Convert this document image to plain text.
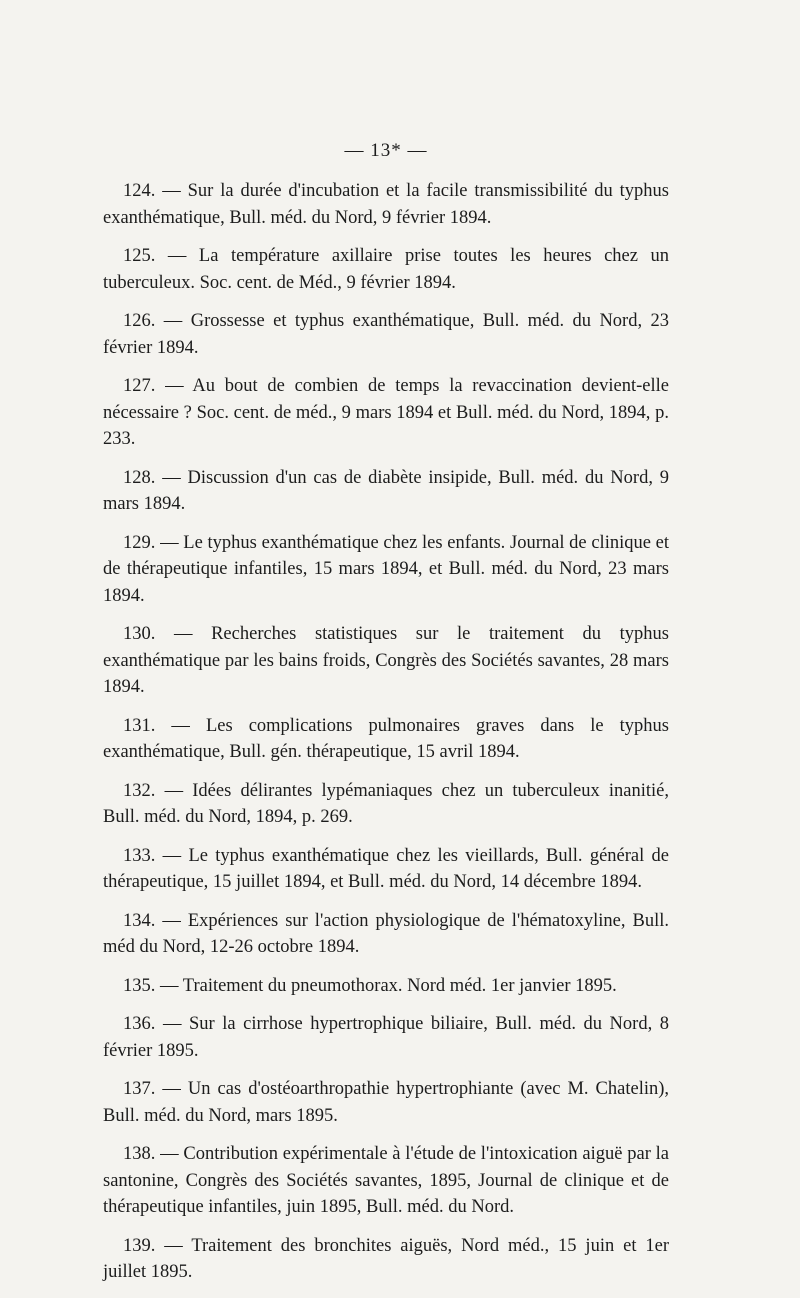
— 13* —

124. — Sur la durée d'incubation et la facile transmissibilité du typhus exanthématique, Bull. méd. du Nord, 9 février 1894.

125. — La température axillaire prise toutes les heures chez un tuberculeux. Soc. cent. de Méd., 9 février 1894.

126. — Grossesse et typhus exanthématique, Bull. méd. du Nord, 23 février 1894.

127. — Au bout de combien de temps la revaccination devient-elle nécessaire ? Soc. cent. de méd., 9 mars 1894 et Bull. méd. du Nord, 1894, p. 233.

128. — Discussion d'un cas de diabète insipide, Bull. méd. du Nord, 9 mars 1894.

129. — Le typhus exanthématique chez les enfants. Journal de clinique et de thérapeutique infantiles, 15 mars 1894, et Bull. méd. du Nord, 23 mars 1894.

130. — Recherches statistiques sur le traitement du typhus exanthématique par les bains froids, Congrès des Sociétés savantes, 28 mars 1894.

131. — Les complications pulmonaires graves dans le typhus exanthématique, Bull. gén. thérapeutique, 15 avril 1894.

132. — Idées délirantes lypémaniaques chez un tuberculeux inanitié, Bull. méd. du Nord, 1894, p. 269.

133. — Le typhus exanthématique chez les vieillards, Bull. général de thérapeutique, 15 juillet 1894, et Bull. méd. du Nord, 14 décembre 1894.

134. — Expériences sur l'action physiologique de l'hématoxyline, Bull. méd du Nord, 12-26 octobre 1894.

135. — Traitement du pneumothorax. Nord méd. 1er janvier 1895.

136. — Sur la cirrhose hypertrophique biliaire, Bull. méd. du Nord, 8 février 1895.

137. — Un cas d'ostéoarthropathie hypertrophiante (avec M. Chatelin), Bull. méd. du Nord, mars 1895.

138. — Contribution expérimentale à l'étude de l'intoxication aiguë par la santonine, Congrès des Sociétés savantes, 1895, Journal de clinique et de thérapeutique infantiles, juin 1895, Bull. méd. du Nord.

139. — Traitement des bronchites aiguës, Nord méd., 15 juin et 1er juillet 1895.
